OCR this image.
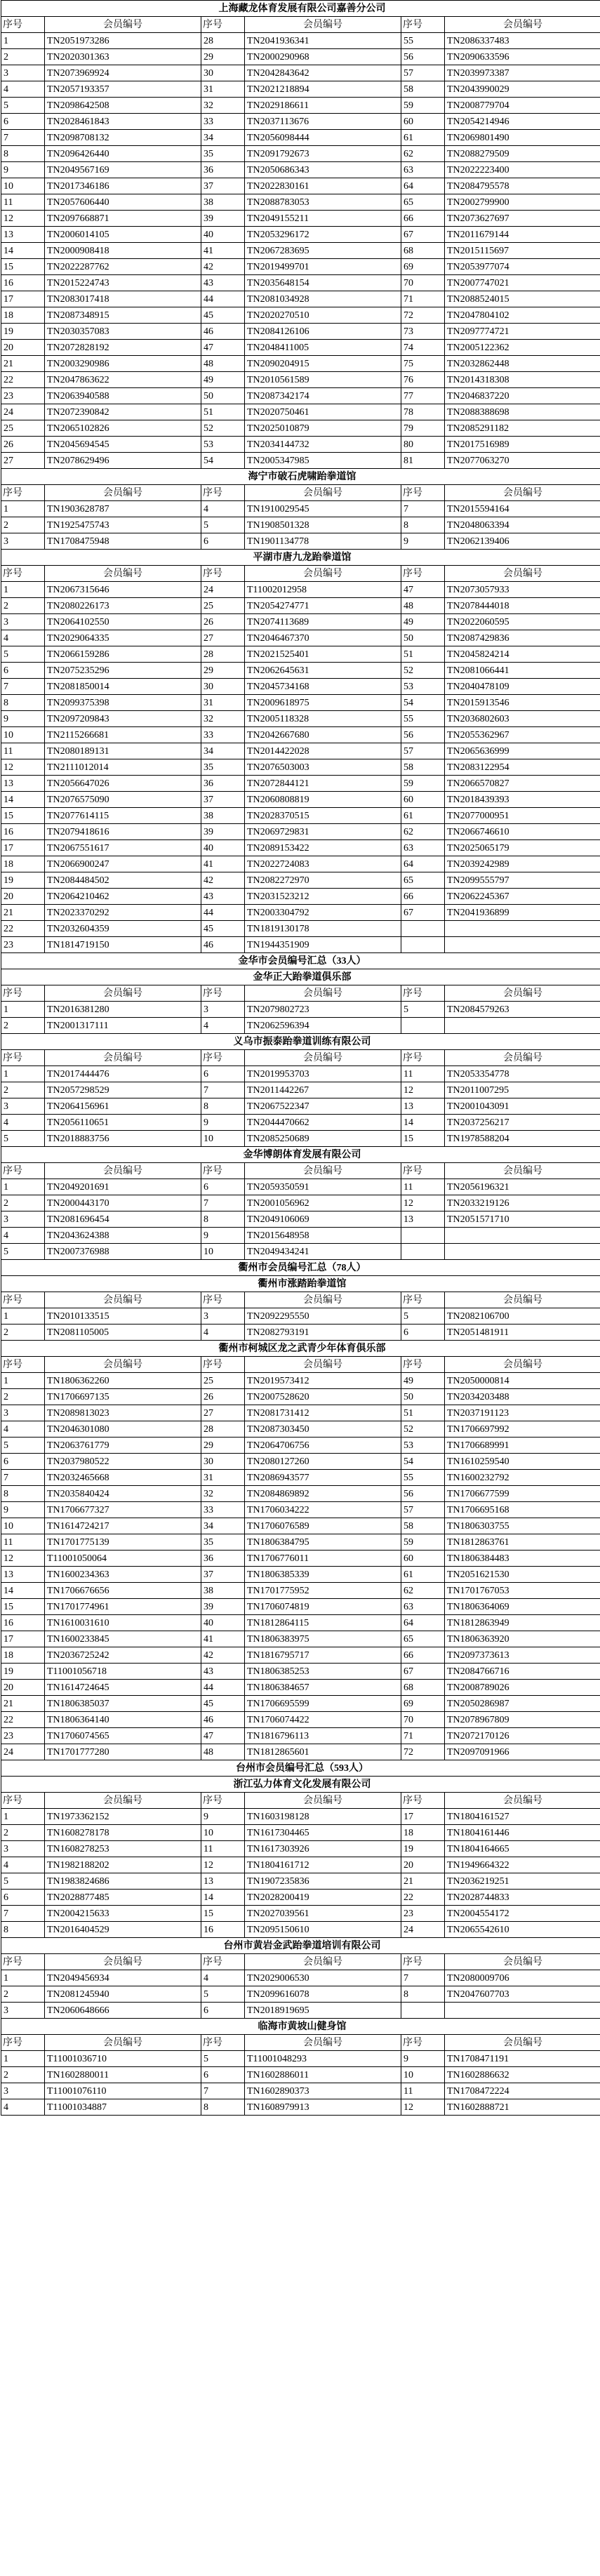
上海藏龙体育发展有限公司嘉善分公司					
序号	会员编号	序号	会员编号	序号	会员编号
1	TN2051973286	28	TN2041936341	55	TN2086337483
2	TN2020301363	29	TN2000290968	56	TN2090633596
3	TN2073969924	30	TN2042843642	57	TN2039973387
4	TN2057193357	31	TN2021218894	58	TN2043990029
5	TN2098642508	32	TN2029186611	59	TN2008779704
6	TN2028461843	33	TN2037113676	60	TN2054214946
7	TN2098708132	34	TN2056098444	61	TN2069801490
8	TN2096426440	35	TN2091792673	62	TN2088279509
9	TN2049567169	36	TN2050686343	63	TN2022223400
10	TN2017346186	37	TN2022830161	64	TN2084795578
11	TN2057606440	38	TN2088783053	65	TN2002799900
12	TN2097668871	39	TN2049155211	66	TN2073627697
13	TN2006014105	40	TN2053296172	67	TN2011679144
14	TN2000908418	41	TN2067283695	68	TN2015115697
15	TN2022287762	42	TN2019499701	69	TN2053977074
16	TN2015224743	43	TN2035648154	70	TN2007747021
17	TN2083017418	44	TN2081034928	71	TN2088524015
18	TN2087348915	45	TN2020270510	72	TN2047804102
19	TN2030357083	46	TN2084126106	73	TN2097774721
20	TN2072828192	47	TN2048411005	74	TN2005122362
21	TN2003290986	48	TN2090204915	75	TN2032862448
22	TN2047863622	49	TN2010561589	76	TN2014318308
23	TN2063940588	50	TN2087342174	77	TN2046837220
24	TN2072390842	51	TN2020750461	78	TN2088388698
25	TN2065102826	52	TN2025010879	79	TN2085291182
26	TN2045694545	53	TN2034144732	80	TN2017516989
27	TN2078629496	54	TN2005347985	81	TN2077063270
海宁市破石虎啸跆拳道馆					
序号	会员编号	序号	会员编号	序号	会员编号
1	TN1903628787	4	TN1910029545	7	TN2015594164
2	TN1925475743	5	TN1908501328	8	TN2048063394
3	TN1708475948	6	TN1901134778	9	TN2062139406
平湖市唐九龙跆拳道馆					
序号	会员编号	序号	会员编号	序号	会员编号
1	TN2067315646	24	T11002012958	47	TN2073057933
2	TN2080226173	25	TN2054274771	48	TN2078444018
3	TN2064102550	26	TN2074113689	49	TN2022060595
4	TN2029064335	27	TN2046467370	50	TN2087429836
5	TN2066159286	28	TN2021525401	51	TN2045824214
6	TN2075235296	29	TN2062645631	52	TN2081066441
7	TN2081850014	30	TN2045734168	53	TN2040478109
8	TN2099375398	31	TN2009618975	54	TN2015913546
9	TN2097209843	32	TN2005118328	55	TN2036802603
10	TN2115266681	33	TN2042667680	56	TN2055362967
11	TN2080189131	34	TN2014422028	57	TN2065636999
12	TN2111012014	35	TN2076503003	58	TN2083122954
13	TN2056647026	36	TN2072844121	59	TN2066570827
14	TN2076575090	37	TN2060808819	60	TN2018439393
15	TN2077614115	38	TN2028370515	61	TN2077000951
16	TN2079418616	39	TN2069729831	62	TN2066746610
17	TN2067551617	40	TN2089153422	63	TN2025065179
18	TN2066900247	41	TN2022724083	64	TN2039242989
19	TN2084484502	42	TN2082272970	65	TN2099555797
20	TN2064210462	43	TN2031523212	66	TN2062245367
21	TN2023370292	44	TN2003304792	67	TN2041936899
22	TN2032604359	45	TN1819130178		
23	TN1814719150	46	TN1944351909		
金华市会员编号汇总（33人）					
金华正大跆拳道俱乐部					
序号	会员编号	序号	会员编号	序号	会员编号
1	TN2016381280	3	TN2079802723	5	TN2084579263
2	TN2001317111	4	TN2062596394		
义乌市振泰跆拳道训练有限公司					
序号	会员编号	序号	会员编号	序号	会员编号
1	TN2017444476	6	TN2019953703	11	TN2053354778
2	TN2057298529	7	TN2011442267	12	TN2011007295
3	TN2064156961	8	TN2067522347	13	TN2001043091
4	TN2056110651	9	TN2044470662	14	TN2037256217
5	TN2018883756	10	TN2085250689	15	TN1978588204
金华博朗体育发展有限公司					
序号	会员编号	序号	会员编号	序号	会员编号
1	TN2049201691	6	TN2059350591	11	TN2056196321
2	TN2000443170	7	TN2001056962	12	TN2033219126
3	TN2081696454	8	TN2049106069	13	TN2051571710
4	TN2043624388	9	TN2015648958		
5	TN2007376988	10	TN2049434241		
衢州市会员编号汇总（78人）					
衢州市涨踏跆拳道馆					
序号	会员编号	序号	会员编号	序号	会员编号
1	TN2010133515	3	TN2092295550	5	TN2082106700
2	TN2081105005	4	TN2082793191	6	TN2051481911
衢州市柯城区龙之武青少年体育俱乐部					
序号	会员编号	序号	会员编号	序号	会员编号
1	TN1806362260	25	TN2019573412	49	TN2050000814
2	TN1706697135	26	TN2007528620	50	TN2034203488
3	TN2089813023	27	TN2081731412	51	TN2037191123
4	TN2046301080	28	TN2087303450	52	TN1706697992
5	TN2063761779	29	TN2064706756	53	TN1706689991
6	TN2037980522	30	TN2080127260	54	TN1610259540
7	TN2032465668	31	TN2086943577	55	TN1600232792
8	TN2035840424	32	TN2084869892	56	TN1706677599
9	TN1706677327	33	TN1706034222	57	TN1706695168
10	TN1614724217	34	TN1706076589	58	TN1806303755
11	TN1701775139	35	TN1806384795	59	TN1812863761
12	T11001050064	36	TN1706776011	60	TN1806384483
13	TN1600234363	37	TN1806385339	61	TN2051621530
14	TN1706676656	38	TN1701775952	62	TN1701767053
15	TN1701774961	39	TN1706074819	63	TN1806364069
16	TN1610031610	40	TN1812864115	64	TN1812863949
17	TN1600233845	41	TN1806383975	65	TN1806363920
18	TN2036725242	42	TN1816795717	66	TN2097373613
19	T11001056718	43	TN1806385253	67	TN2084766716
20	TN1614724645	44	TN1806384657	68	TN2008789026
21	TN1806385037	45	TN1706695599	69	TN2050286987
22	TN1806364140	46	TN1706074422	70	TN2078967809
23	TN1706074565	47	TN1816796113	71	TN2072170126
24	TN1701777280	48	TN1812865601	72	TN2097091966
台州市会员编号汇总（593人）					
浙江弘力体育文化发展有限公司					
序号	会员编号	序号	会员编号	序号	会员编号
1	TN1973362152	9	TN1603198128	17	TN1804161527
2	TN1608278178	10	TN1617304465	18	TN1804161446
3	TN1608278253	11	TN1617303926	19	TN1804164665
4	TN1982188202	12	TN1804161712	20	TN1949664322
5	TN1983824686	13	TN1907235836	21	TN2036219251
6	TN2028877485	14	TN2028200419	22	TN2028744833
7	TN2004215633	15	TN2027039561	23	TN2004554172
8	TN2016404529	16	TN2095150610	24	TN2065542610
台州市黄岩金武跆拳道培训有限公司					
序号	会员编号	序号	会员编号	序号	会员编号
1	TN2049456934	4	TN2029006530	7	TN2080009706
2	TN2081245940	5	TN2099616078	8	TN2047607703
3	TN2060648666	6	TN2018919695		
临海市黄坡山健身馆					
序号	会员编号	序号	会员编号	序号	会员编号
1	T11001036710	5	T11001048293	9	TN1708471191
2	TN1602880011	6	TN1602886011	10	TN1602886632
3	T11001076110	7	TN1602890373	11	TN1708472224
4	T11001034887	8	TN1608979913	12	TN1602888721
